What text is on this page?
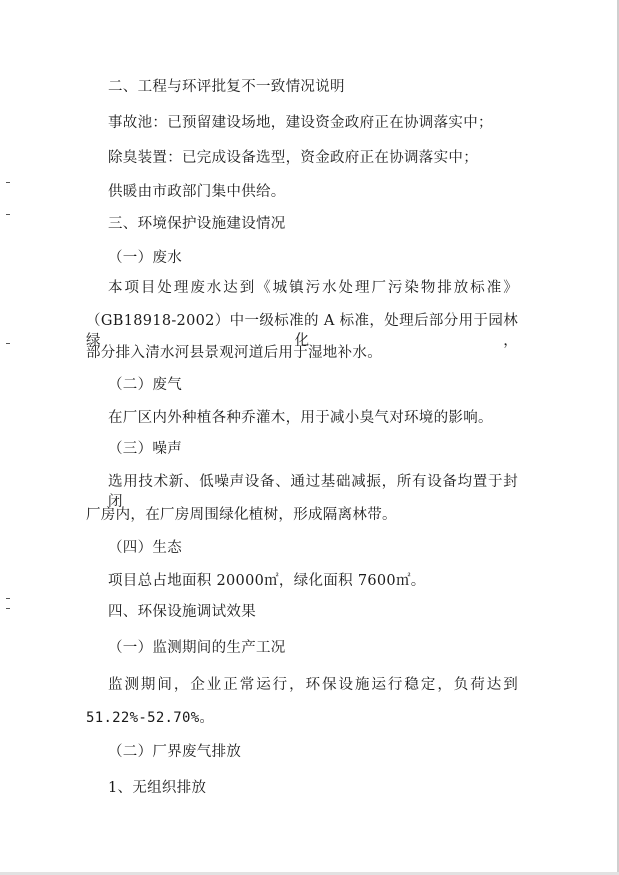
二、工程与环评批复不一致情况说明
事故池：已预留建设场地，建设资金政府正在协调落实中；
除臭装置：已完成设备选型，资金政府正在协调落实中；
供暖由市政部门集中供给。
三、环境保护设施建设情况
（一）废水
本项目处理废水达到《城镇污水处理厂污染物排放标准》
（GB18918-2002）中一级标准的 A 标准，处理后部分用于园林绿化，
部分排入清水河县景观河道后用于湿地补水。
（二）废气
在厂区内外种植各种乔灌木，用于减小臭气对环境的影响。
（三）噪声
选用技术新、低噪声设备、通过基础减振，所有设备均置于封闭
厂房内，在厂房周围绿化植树，形成隔离林带。
（四）生态
项目总占地面积 20000㎡，绿化面积 7600㎡。
四、环保设施调试效果
（一）监测期间的生产工况
监测期间，企业正常运行，环保设施运行稳定，负荷达到
51.22%-52.70%。
（二）厂界废气排放
1、无组织排放
